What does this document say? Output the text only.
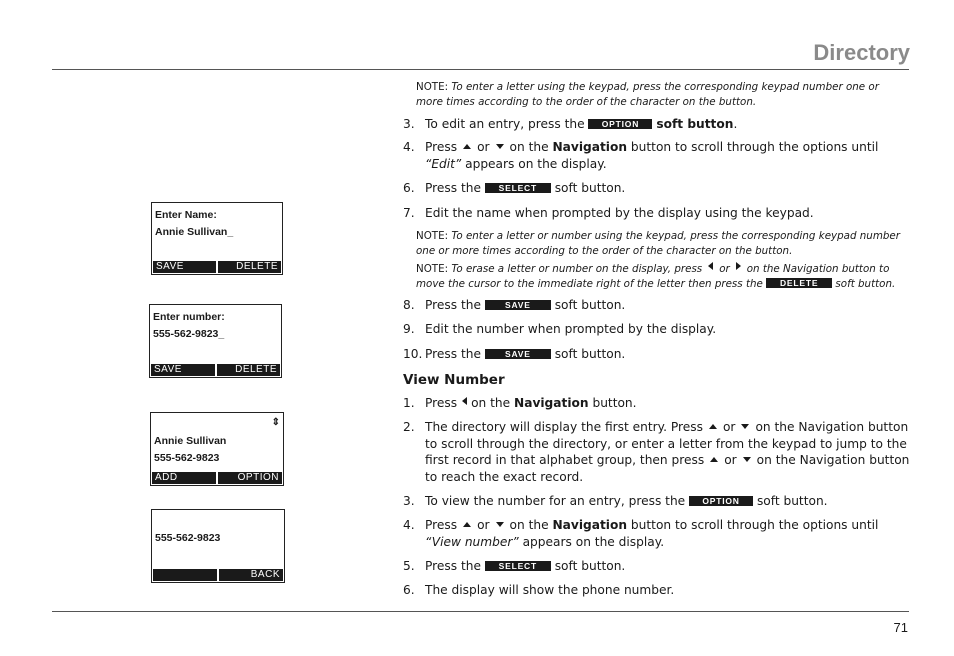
Directory
71
NOTE: To enter a letter using the keypad, press the corresponding keypad number one or more times according to the order of the character on the button.
3. To edit an entry, press the OPTION soft button.
4. Press or on the Navigation button to scroll through the options until
“Edit” appears on the display.
6. Press the SELECT soft button.
7. Edit the name when prompted by the display using the keypad.
NOTE: To enter a letter or number using the keypad, press the corresponding keypad number one or more times according to the order of the character on the button.
NOTE: To erase a letter or number on the display, press or on the Navigation button to move the cursor to the immediate right of the letter then press the DELETE soft button.
8. Press the	SAVE soft button.
9. Edit the number when prompted by the display.
10. Press the	SAVE soft button.
View Number
1. Press on the Navigation button.
2. The directory will display the first entry. Press or on the Navigation button to scroll through the directory, or enter a letter from the keypad to jump to the first record in that alphabet group, then press or on the Navigation button to reach the exact record.
3. To view the number for an entry, press the OPTION soft button.
4. Press or on the Navigation button to scroll through the options until
“View number” appears on the display.
5. Press the SELECT soft button.
6. The display will show the phone number.
Enter Name:
Annie Sullivan_
SAVE	DELETE
Enter number:
555-562-9823_
SAVE	DELETE
⇕
Annie Sullivan
555-562-9823
ADD	OPTION
555-562-9823
BACK
